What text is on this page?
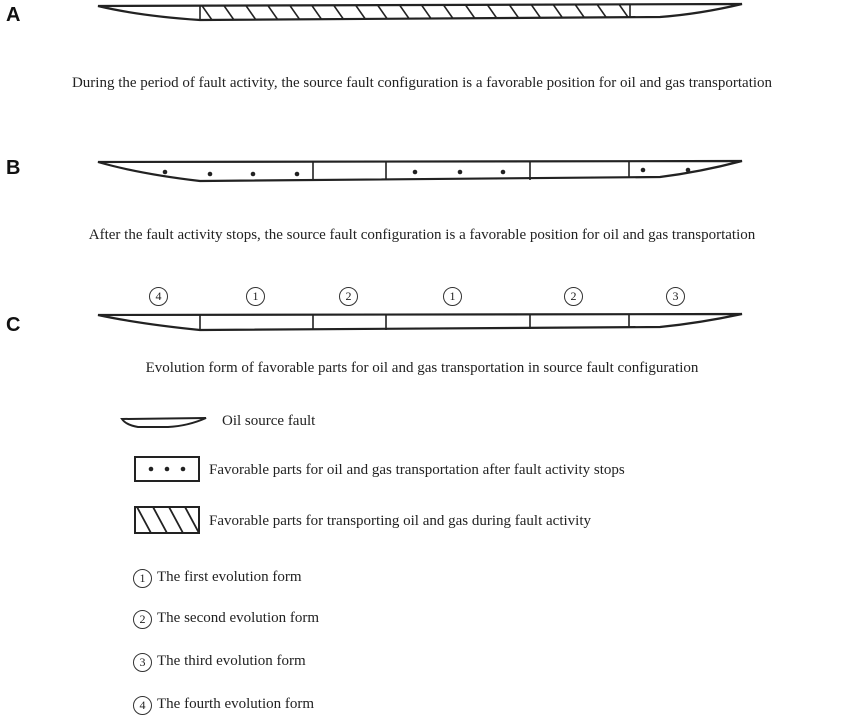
A
During the period of fault activity, the source fault configuration is a favorable position for oil and gas transportation
B
After the fault activity stops, the source fault configuration is a favorable position for oil and gas transportation
C
4	1	2	1	2	3
Evolution form of favorable parts for oil and gas transportation in source fault configuration
Oil source fault
Favorable parts for oil and gas transportation after fault activity stops
Favorable parts for transporting oil and gas during fault activity
1 The first evolution form
2 The second evolution form
3 The third evolution form
4 The fourth evolution form
